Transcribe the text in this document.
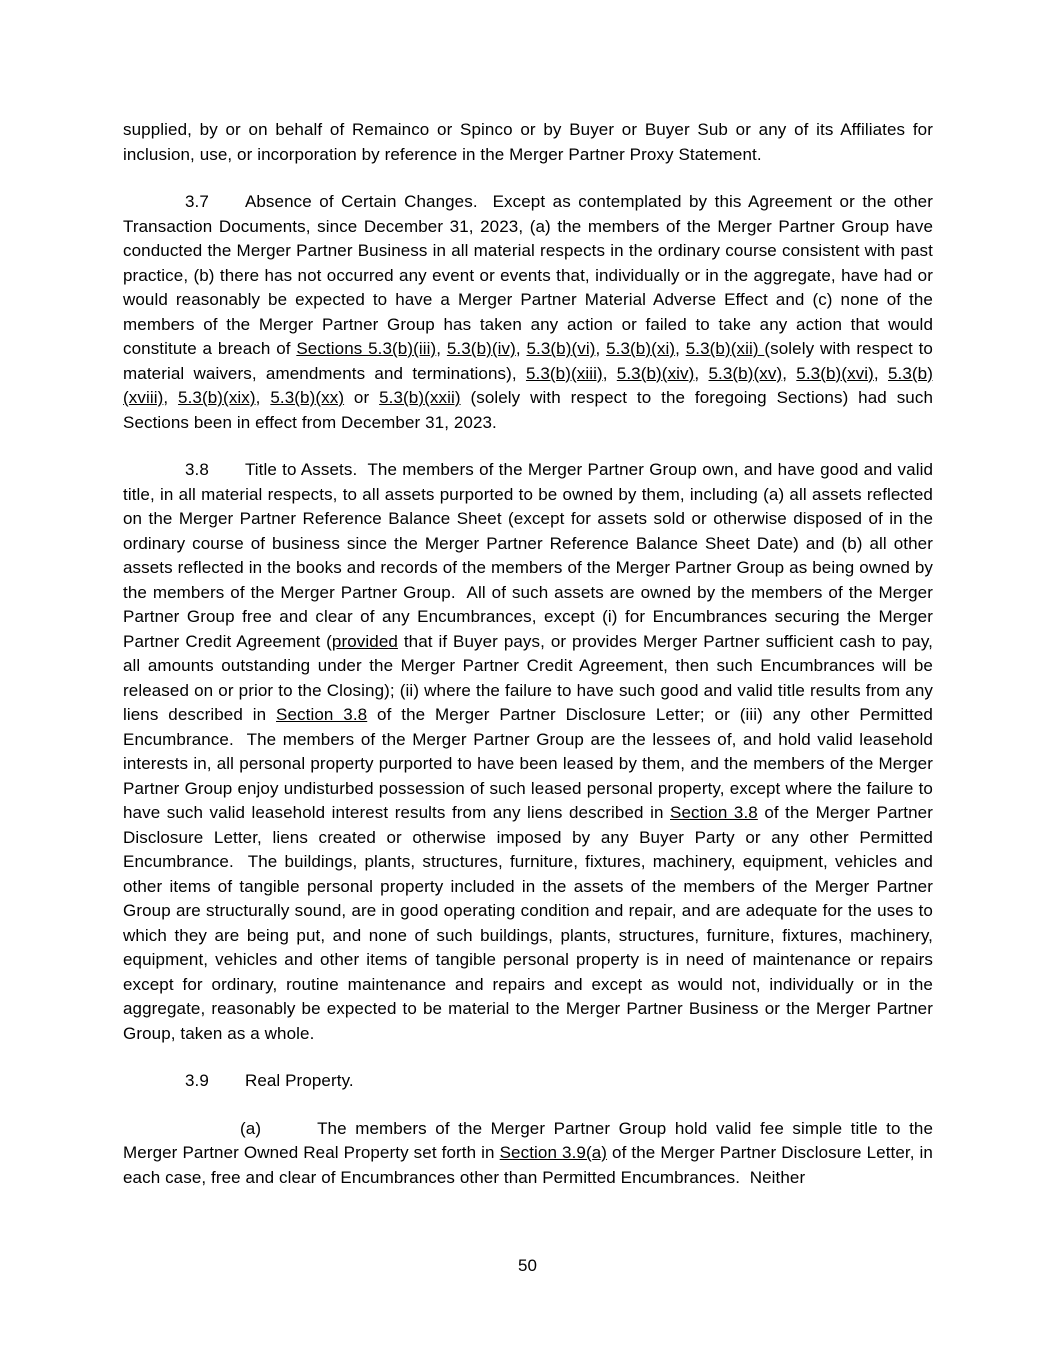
supplied, by or on behalf of Remainco or Spinco or by Buyer or Buyer Sub or any of its Affiliates for inclusion, use, or incorporation by reference in the Merger Partner Proxy Statement.

3.7 Absence of Certain Changes.  Except as contemplated by this Agreement or the other Transaction Documents, since December 31, 2023, (a) the members of the Merger Partner Group have conducted the Merger Partner Business in all material respects in the ordinary course consistent with past practice, (b) there has not occurred any event or events that, individually or in the aggregate, have had or would reasonably be expected to have a Merger Partner Material Adverse Effect and (c) none of the members of the Merger Partner Group has taken any action or failed to take any action that would constitute a breach of Sections 5.3(b)(iii), 5.3(b)(iv), 5.3(b)(vi), 5.3(b)(xi), 5.3(b)(xii) (solely with respect to material waivers, amendments and terminations), 5.3(b)(xiii), 5.3(b)(xiv), 5.3(b)(xv), 5.3(b)(xvi), 5.3(b)(xviii), 5.3(b)(xix), 5.3(b)(xx) or 5.3(b)(xxii) (solely with respect to the foregoing Sections) had such Sections been in effect from December 31, 2023.

3.8 Title to Assets.  The members of the Merger Partner Group own, and have good and valid title, in all material respects, to all assets purported to be owned by them, including (a) all assets reflected on the Merger Partner Reference Balance Sheet (except for assets sold or otherwise disposed of in the ordinary course of business since the Merger Partner Reference Balance Sheet Date) and (b) all other assets reflected in the books and records of the members of the Merger Partner Group as being owned by the members of the Merger Partner Group.  All of such assets are owned by the members of the Merger Partner Group free and clear of any Encumbrances, except (i) for Encumbrances securing the Merger Partner Credit Agreement (provided that if Buyer pays, or provides Merger Partner sufficient cash to pay, all amounts outstanding under the Merger Partner Credit Agreement, then such Encumbrances will be released on or prior to the Closing); (ii) where the failure to have such good and valid title results from any liens described in Section 3.8 of the Merger Partner Disclosure Letter; or (iii) any other Permitted Encumbrance.  The members of the Merger Partner Group are the lessees of, and hold valid leasehold interests in, all personal property purported to have been leased by them, and the members of the Merger Partner Group enjoy undisturbed possession of such leased personal property, except where the failure to have such valid leasehold interest results from any liens described in Section 3.8 of the Merger Partner Disclosure Letter, liens created or otherwise imposed by any Buyer Party or any other Permitted Encumbrance.  The buildings, plants, structures, furniture, fixtures, machinery, equipment, vehicles and other items of tangible personal property included in the assets of the members of the Merger Partner Group are structurally sound, are in good operating condition and repair, and are adequate for the uses to which they are being put, and none of such buildings, plants, structures, furniture, fixtures, machinery, equipment, vehicles and other items of tangible personal property is in need of maintenance or repairs except for ordinary, routine maintenance and repairs and except as would not, individually or in the aggregate, reasonably be expected to be material to the Merger Partner Business or the Merger Partner Group, taken as a whole.

3.9 Real Property.

(a)	The members of the Merger Partner Group hold valid fee simple title to the Merger Partner Owned Real Property set forth in Section 3.9(a) of the Merger Partner Disclosure Letter, in each case, free and clear of Encumbrances other than Permitted Encumbrances.  Neither

50
